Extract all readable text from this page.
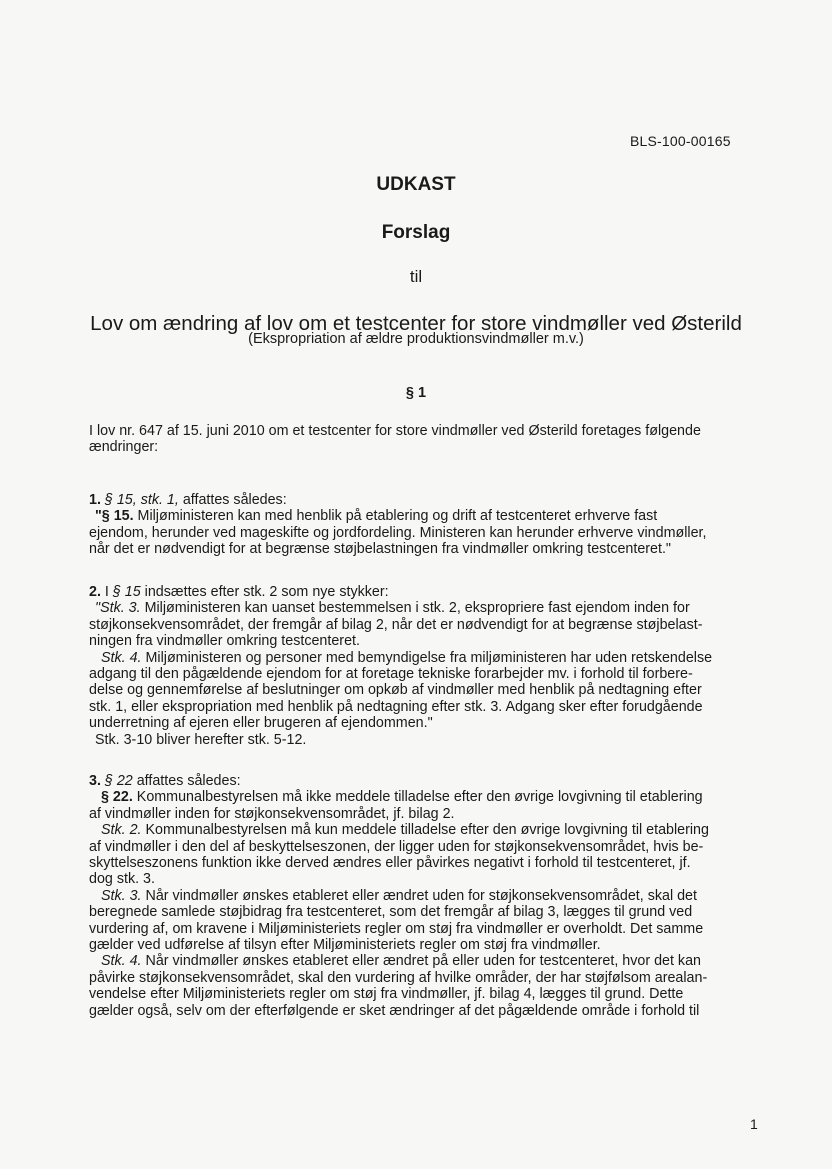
BLS-100-00165
UDKAST
Forslag
til
Lov om ændring af lov om et testcenter for store vindmøller ved Østerild
(Ekspropriation af ældre produktionsvindmøller m.v.)
§ 1
I lov nr. 647 af 15. juni 2010 om et testcenter for store vindmøller ved Østerild foretages følgende
ændringer:
1. § 15, stk. 1, affattes således:
"§ 15. Miljøministeren kan med henblik på etablering og drift af testcenteret erhverve fast
ejendom, herunder ved mageskifte og jordfordeling. Ministeren kan herunder erhverve vindmøller,
når det er nødvendigt for at begrænse støjbelastningen fra vindmøller omkring testcenteret."
2. I § 15 indsættes efter stk. 2 som nye stykker:
"Stk. 3. Miljøministeren kan uanset bestemmelsen i stk. 2, ekspropriere fast ejendom inden for
støjkonsekvensområdet, der fremgår af bilag 2, når det er nødvendigt for at begrænse støjbelast-
ningen fra vindmøller omkring testcenteret.
Stk. 4. Miljøministeren og personer med bemyndigelse fra miljøministeren har uden retskendelse
adgang til den pågældende ejendom for at foretage tekniske forarbejder mv. i forhold til forbere-
delse og gennemførelse af beslutninger om opkøb af vindmøller med henblik på nedtagning efter
stk. 1, eller ekspropriation med henblik på nedtagning efter stk. 3. Adgang sker efter forudgående
underretning af ejeren eller brugeren af ejendommen."
Stk. 3-10 bliver herefter stk. 5-12.
3. § 22 affattes således:
§ 22. Kommunalbestyrelsen må ikke meddele tilladelse efter den øvrige lovgivning til etablering
af vindmøller inden for støjkonsekvensområdet, jf. bilag 2.
Stk. 2. Kommunalbestyrelsen må kun meddele tilladelse efter den øvrige lovgivning til etablering
af vindmøller i den del af beskyttelseszonen, der ligger uden for støjkonsekvensområdet, hvis be-
skyttelseszonens funktion ikke derved ændres eller påvirkes negativt i forhold til testcenteret, jf.
dog stk. 3.
Stk. 3. Når vindmøller ønskes etableret eller ændret uden for støjkonsekvensområdet, skal det
beregnede samlede støjbidrag fra testcenteret, som det fremgår af bilag 3, lægges til grund ved
vurdering af, om kravene i Miljøministeriets regler om støj fra vindmøller er overholdt. Det samme
gælder ved udførelse af tilsyn efter Miljøministeriets regler om støj fra vindmøller.
Stk. 4. Når vindmøller ønskes etableret eller ændret på eller uden for testcenteret, hvor det kan
påvirke støjkonsekvensområdet, skal den vurdering af hvilke områder, der har støjfølsom arealan-
vendelse efter Miljøministeriets regler om støj fra vindmøller, jf. bilag 4, lægges til grund. Dette
gælder også, selv om der efterfølgende er sket ændringer af det pågældende område i forhold til
1
